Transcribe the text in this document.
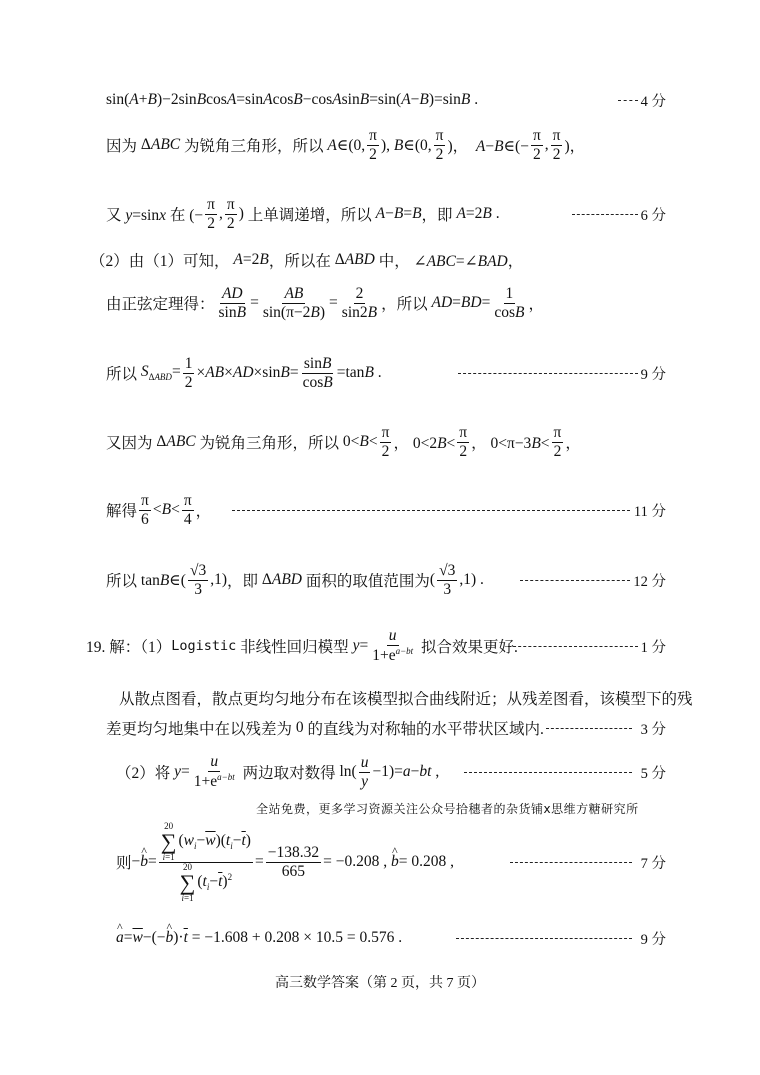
sin(A+B)−2sinBcosA=sinAcosB−cosAsinB=sin(A−B)=sinB .	4 分
因为 ΔABC 为锐角三角形，所以 A∈(0, $\frac{\pi}{2}$ ), B∈(0, $\frac{\pi}{2}$ )，  A−B∈(− $\frac{\pi}{2}$ , $\frac{\pi}{2}$ )，
又 y=sinx 在 (− $\frac{\pi}{2}$ , $\frac{\pi}{2}$ ) 上单调递增，所以 A−B=B ，即 A=2B .	6 分
（2）由（1）可知， A=2B ，所以在 ΔABD 中， ∠ABC=∠BAD，
由正弦定理得： $\frac{AD}{\sin B} = \frac{AB}{\sin(\pi-2B)} = \frac{2}{\sin 2B}$ ，所以 $AD=BD= \frac{1}{\cos B}$ ，
所以 $S_{\Delta ABD}= \frac{1}{2} \times AB\times AD\times\sin B= \frac{\sin B}{\cos B} =\tan B$ .	9 分
又因为 ΔABC 为锐角三角形，所以 $0<B< \frac{\pi}{2}$ ， $0<2B< \frac{\pi}{2}$ ， $0<\pi-3B< \frac{\pi}{2}$ ，
解得 $\frac{\pi}{6} <B< \frac{\pi}{4}$ ，	11 分
所以 tanB∈( $\frac{√3}{3} ,1$) ，即 ΔABD 面积的取值范围为 ( $\frac{√3}{3} ,1$) .	12 分
19. 解：（1） Logistic
非线性回归模型 $y= \frac{u}{1+e^{a-bt}}$
拟合效果更好.	1 分
从散点图看，散点更均匀地分布在该模型拟合曲线附近；从残差图看，该模型下的残
差更均匀地集中在以残差为 0 的直线为对称轴的水平带状区域内.	3 分
（2）将 $y= \frac{u}{1+e^{a-bt}}$
两边取对数得 $\ln( \frac{u}{y} -1)=a-bt$ ,	5 分
全站免费，更多学习资源关注公众号拾穗者的杂货铺x思维方糖研究所
则 −^ b= 20
∑
i=1
$(w_i-\overline{w})(t_i-\overline{t})$
20
∑
i=1
$(t_i-\overline{t})^2 = \frac{-138.32}{665} = -0.208$ , ^ b = 0.208 ,	7 分
^ $a=\overline{w}-(-\^{}$ $b)\cdot\overline{t} = -1.608 + 0.208 \times 10.5 = 0.576$ .	9 分
高三数学答案（第 2 页，共 7 页）
